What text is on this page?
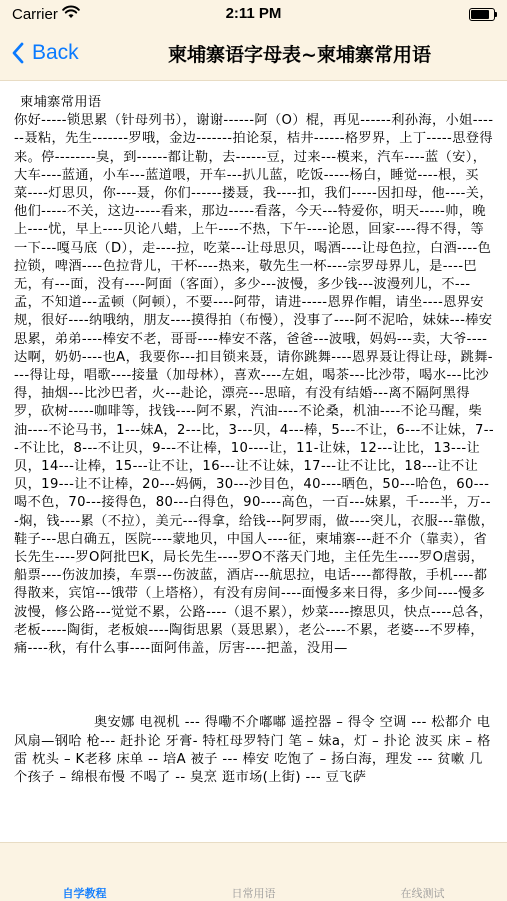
Carrier	2:11 PM
Back	柬埔寨语字母表~柬埔寨常用语
柬埔寨常用语
你好-----锁思累（针母列书），谢谢------阿（O）棍，再见------利孙海，小姐------聂粘，先生-------罗哦，金边-------拍论泵，桔井------格罗界，上丁-----思登得来。停--------臭，到------都让勒，去------豆，过来---模来，汽车----蓝（安），大车----蓝通，小车---蓝道喂，开车---扒儿蓝，吃饭-----杨白，睡觉----根，买菜----灯思贝，你----聂，你们------搂聂，我----扣，我们-----因扣母，他----关，他们-----不关，这边-----看来，那边-----看落，今天---特爱你，明天-----帅，晚上----忧，早上----贝论八蜡，上午----不热，下午----论恩，回家----得不得，等一下---嘎马底（D），走----拉，吃菜---让母思贝，喝酒----让母色拉，白酒----色拉锁，啤酒----色拉背儿，干杯----热来，敬先生一杯----宗罗母界儿，是----巴无，有---面，没有----阿面（客面），多少---波慢，多少钱---波漫列儿，不---孟，不知道---孟顿（阿顿），不要----阿带，请进-----恩界作帽，请坐----恩界安规，很好----纳哦纳，朋友----摸得拍（布慢），没事了----阿不泥哈，妹妹---棒安思累，弟弟----棒安不老，哥哥----棒安不落，爸爸---波哦，妈妈---卖，大爷----达啊，奶奶----也A，我要你---扣目锁来聂，请你跳舞----恩界聂让得让母，跳舞----得让母，唱歌----接量（加母林），喜欢----左姐，喝茶---比沙带，喝水---比沙得，抽烟---比沙巴者，火---赴论，漂亮---思暗，有没有结婚---离不隔阿黑得罗，砍树-----咖啡等，找钱----阿不累，汽油----不论桑，机油----不论马醒，柴油----不论马书，1---妹A，2---比，3---贝，4---棒，5---不让，6---不让妹，7---不让比，8---不让贝，9---不让棒，10----让，11-让妹，12---让比，13---让贝，14---让棒，15---让不让，16---让不让妹，17---让不让比，18---让不让贝，19---让不让棒，20---妈俩，30---沙目色，40----晒色，50---哈色，60---喝不色，70---接得色，80---白得色，90----高色，一百---妹累，千----半，万---焖，钱----累（不拉），美元---得拿，给钱---阿罗雨，做----突儿，衣服---靠傲，鞋子---思白确五，医院----蒙地贝，中国人----征，柬埔寨---赶不介（靠卖），省长先生----罗O阿批巴K，局长先生----罗O不落天门地，主任先生----罗O虐弱，船票----伤波加揍，车票---伤波蓝，酒店---航思拉，电话----都得散，手机----都得散来，宾馆---饿带（上塔格），有没有房间----面慢多来日得，多少间----慢多波慢，修公路---觉觉不累，公路----（退不累），炒菜----擦思贝，快点----总各，老板-----陶街，老板娘----陶街思累（聂思累），老公----不累，老婆---不罗棒，痛----秋，有什么事----面阿伟盖，厉害----把盖，没用—
奥安娜 电视机 --- 得嘞不介嘟嘟 遥控器 – 得令 空调 --- 松都介 电风扇—钢哈 枪--- 赶扑论 牙膏- 特杠母罗特门 笔 – 妹a，灯 – 扑论 波买 床 – 格雷 枕头 – K老移 床单 -- 培A 被子 --- 棒安 吃饱了 – 扬白海，理发 --- 贫嗽 几个孩子 – 绵根布慢 不喝了 -- 臭烹 逛市场(上街) --- 豆飞萨
自学教程	日常用语	在线测试
